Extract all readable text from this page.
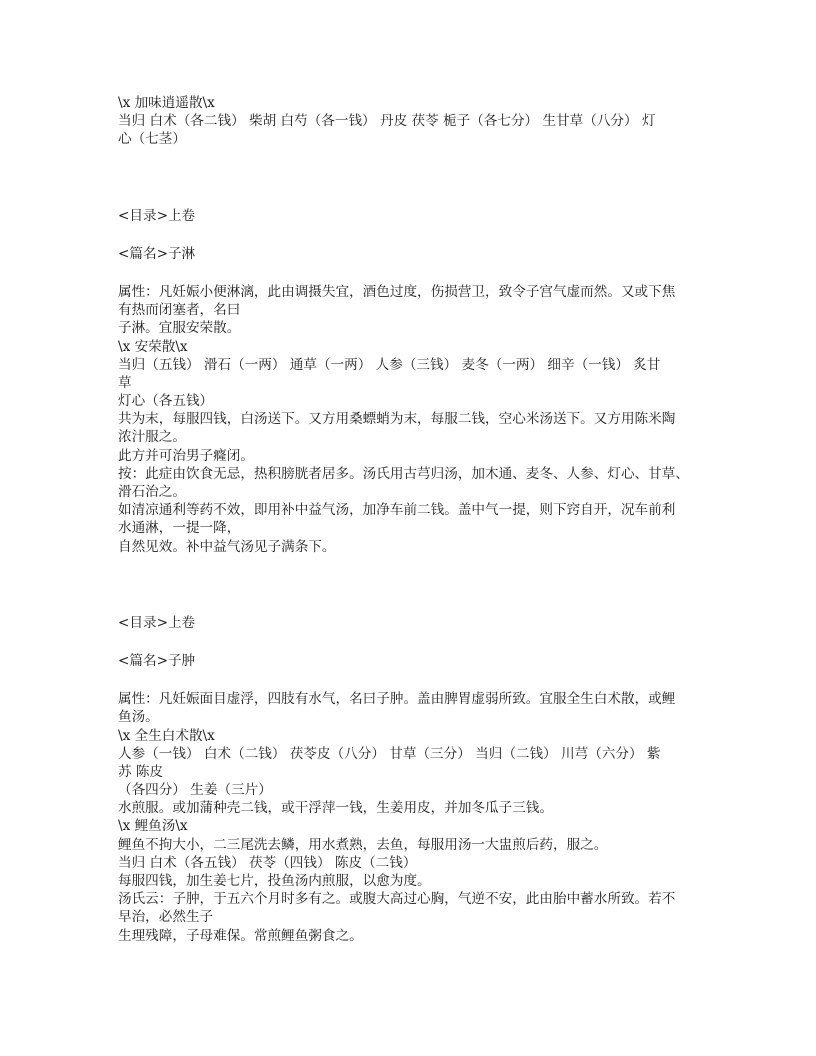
\x 加味逍遥散\x
当归 白术（各二钱） 柴胡 白芍（各一钱） 丹皮 茯苓 栀子（各七分） 生甘草（八分） 灯
心（七茎）
<目录>上卷
<篇名>子淋
属性：凡妊娠小便淋漓，此由调摄失宜，酒色过度，伤损营卫，致令子宫气虚而然。又或下焦
有热而闭塞者，名曰
子淋。宜服安荣散。
\x 安荣散\x
当归（五钱） 滑石（一两） 通草（一两） 人参（三钱） 麦冬（一两） 细辛（一钱） 炙甘
草
灯心（各五钱）
共为末，每服四钱，白汤送下。又方用桑螵蛸为末，每服二钱，空心米汤送下。又方用陈米陶
浓汁服之。
此方并可治男子癃闭。
按：此症由饮食无忌，热积膀胱者居多。汤氏用古芎归汤，加木通、麦冬、人参、灯心、甘草、
滑石治之。
如清凉通利等药不效，即用补中益气汤，加净车前二钱。盖中气一提，则下窍自开，况车前利
水通淋，一提一降，
自然见效。补中益气汤见子满条下。
<目录>上卷
<篇名>子肿
属性：凡妊娠面目虚浮，四肢有水气，名曰子肿。盖由脾胃虚弱所致。宜服全生白术散，或鲤
鱼汤。
\x 全生白术散\x
人参（一钱） 白术（二钱） 茯苓皮（八分） 甘草（三分） 当归（二钱） 川芎（六分） 紫
苏 陈皮
（各四分） 生姜（三片）
水煎服。或加蒲种壳二钱，或干浮萍一钱，生姜用皮，并加冬瓜子三钱。
\x 鲤鱼汤\x
鲤鱼不拘大小，二三尾洗去鳞，用水煮熟，去鱼，每服用汤一大盅煎后药，服之。
当归 白术（各五钱） 茯苓（四钱） 陈皮（二钱）
每服四钱，加生姜七片，投鱼汤内煎服，以愈为度。
汤氏云：子肿，于五六个月时多有之。或腹大高过心胸，气逆不安，此由胎中蓄水所致。若不
早治，必然生子
生理残障，子母难保。常煎鲤鱼粥食之。
